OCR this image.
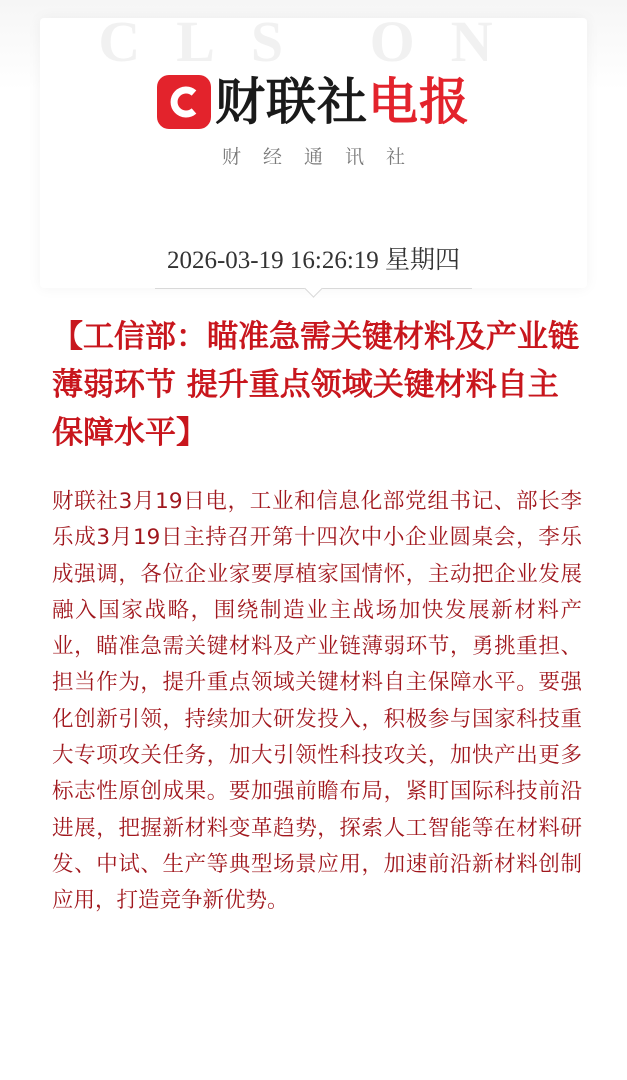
CLS ON
财联社 电报
财经通讯社
2026-03-19 16:26:19 星期四
【工信部：瞄准急需关键材料及产业链薄弱环节 提升重点领域关键材料自主保障水平】

财联社3月19日电，工业和信息化部党组书记、部长李乐成3月19日主持召开第十四次中小企业圆桌会，李乐成强调，各位企业家要厚植家国情怀，主动把企业发展融入国家战略，围绕制造业主战场加快发展新材料产业，瞄准急需关键材料及产业链薄弱环节，勇挑重担、担当作为，提升重点领域关键材料自主保障水平。要强化创新引领，持续加大研发投入，积极参与国家科技重大专项攻关任务，加大引领性科技攻关，加快产出更多标志性原创成果。要加强前瞻布局，紧盯国际科技前沿进展，把握新材料变革趋势，探索人工智能等在材料研发、中试、生产等典型场景应用，加速前沿新材料创制应用，打造竞争新优势。
